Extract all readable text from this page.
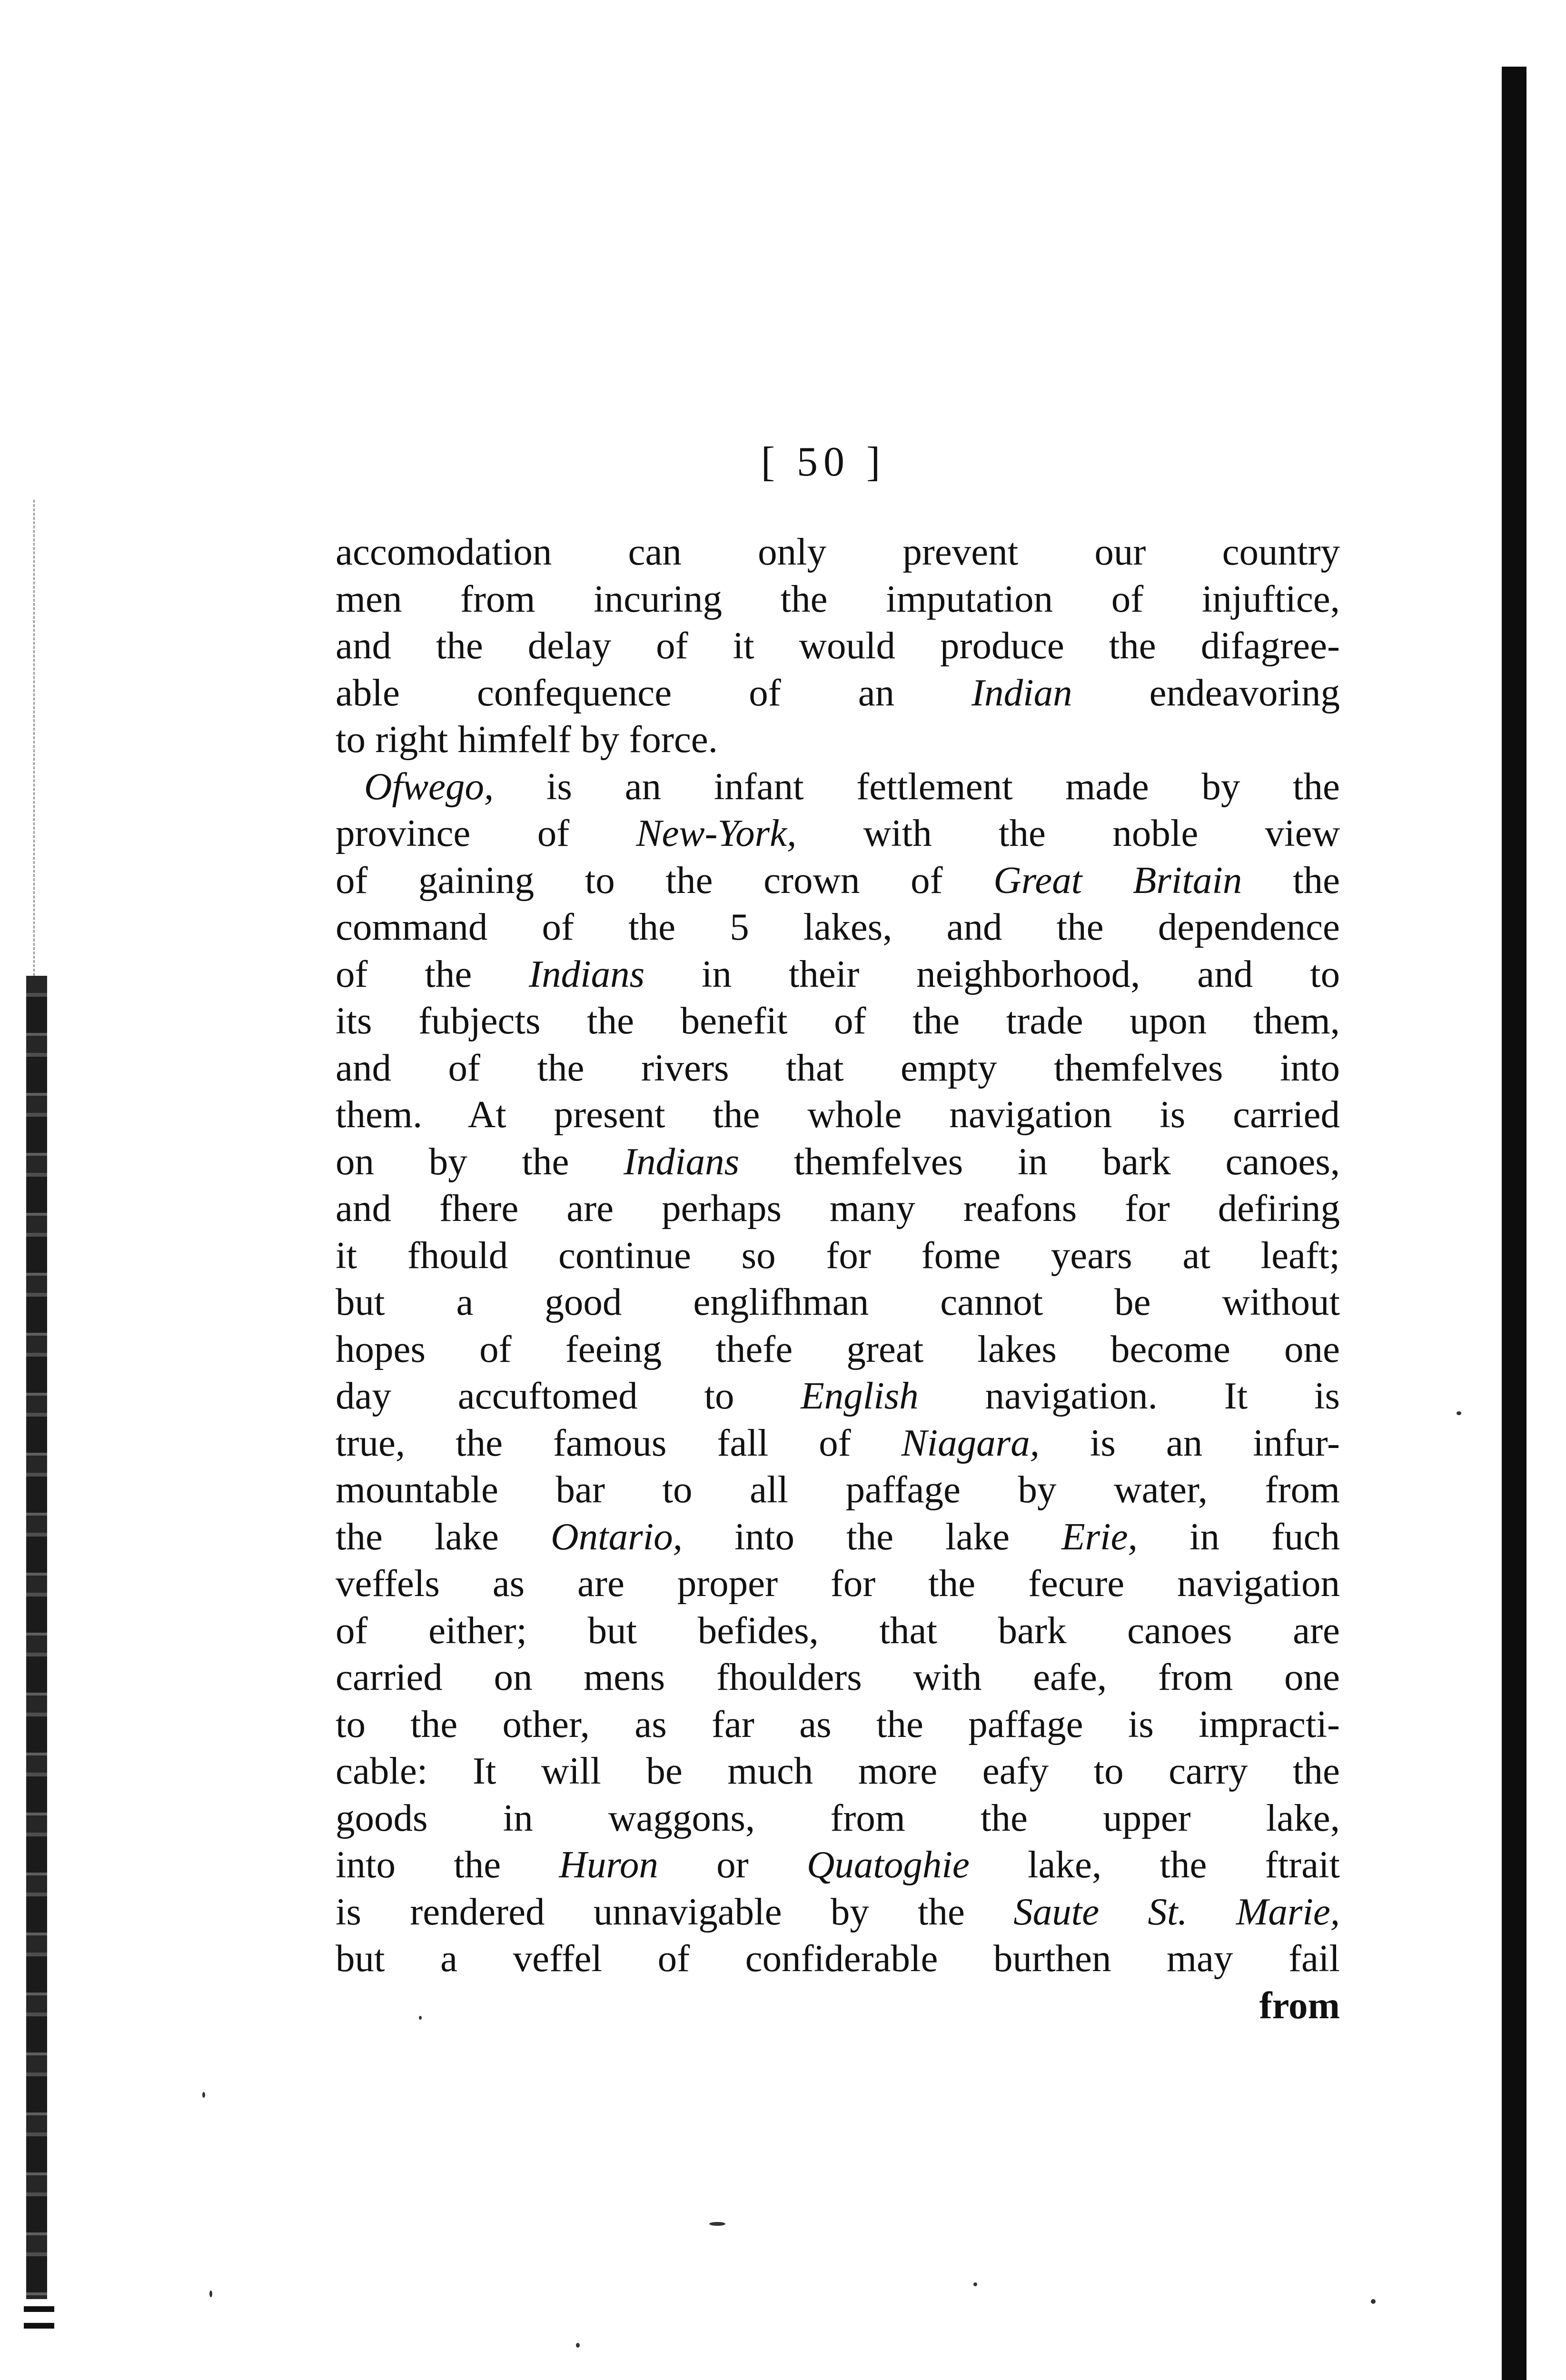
[ 50 ]
accomodation can only prevent our country
men from incuring the imputation of injuftice,
and the delay of it would produce the difagree-
able confequence of an Indian endeavoring
to right himfelf by force.
Ofwego, is an infant fettlement made by the
province of New-York, with the noble view
of gaining to the crown of Great Britain the
command of the 5 lakes, and the dependence
of the Indians in their neighborhood, and to
its fubjects the benefit of the trade upon them,
and of the rivers that empty themfelves into
them. At present the whole navigation is carried
on by the Indians themfelves in bark canoes,
and fhere are perhaps many reafons for defiring
it fhould continue so for fome years at leaft;
but a good englifhman cannot be without
hopes of feeing thefe great lakes become one
day accuftomed to English navigation. It is
true, the famous fall of Niagara, is an infur-
mountable bar to all paffage by water, from
the lake Ontario, into the lake Erie, in fuch
veffels as are proper for the fecure navigation
of either; but befides, that bark canoes are
carried on mens fhoulders with eafe, from one
to the other, as far as the paffage is impracti-
cable: It will be much more eafy to carry the
goods in waggons, from the upper lake,
into the Huron or Quatoghie lake, the ftrait
is rendered unnavigable by the Saute St. Marie,
but a veffel of confiderable burthen may fail
from
